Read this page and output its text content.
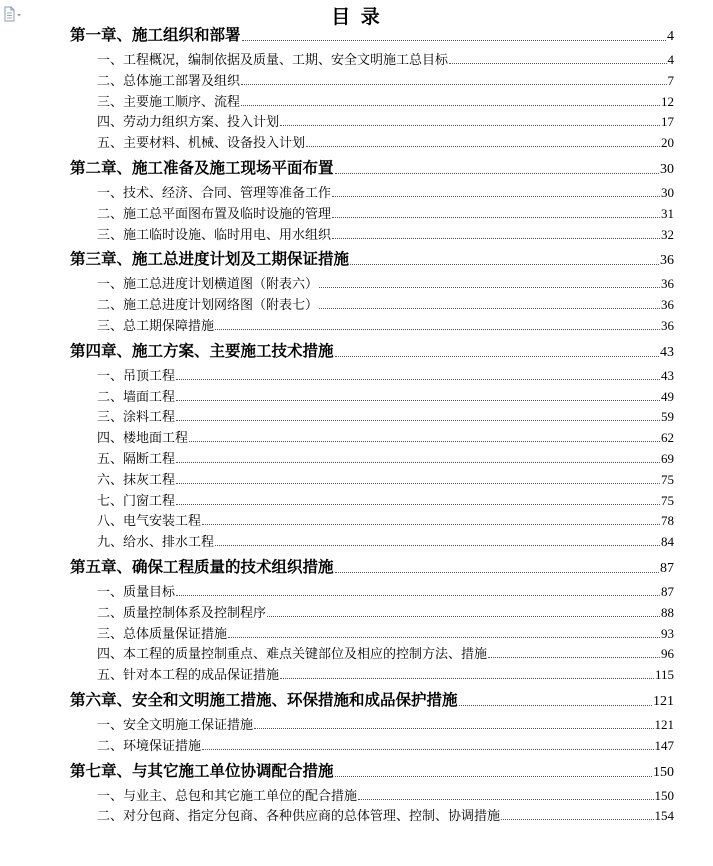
目 录
第一章、施工组织和部署	4
一、工程概况，编制依据及质量、工期、安全文明施工总目标	4
二、总体施工部署及组织	7
三、主要施工顺序、流程	12
四、劳动力组织方案、投入计划	17
五、主要材料、机械、设备投入计划	20
第二章、施工准备及施工现场平面布置	30
一、技术、经济、合同、管理等准备工作	30
二、施工总平面图布置及临时设施的管理	31
三、施工临时设施、临时用电、用水组织	32
第三章、施工总进度计划及工期保证措施	36
一、施工总进度计划横道图（附表六）	36
二、施工总进度计划网络图（附表七）	36
三、总工期保障措施	36
第四章、施工方案、主要施工技术措施	43
一、吊顶工程	43
二、墙面工程	49
三、涂料工程	59
四、楼地面工程	62
五、隔断工程	69
六、抹灰工程	75
七、门窗工程	75
八、电气安装工程	78
九、给水、排水工程	84
第五章、确保工程质量的技术组织措施	87
一、质量目标	87
二、质量控制体系及控制程序	88
三、总体质量保证措施	93
四、本工程的质量控制重点、难点关键部位及相应的控制方法、措施	96
五、针对本工程的成品保证措施	115
第六章、安全和文明施工措施、环保措施和成品保护措施	121
一、安全文明施工保证措施	121
二、环境保证措施	147
第七章、与其它施工单位协调配合措施	150
一、与业主、总包和其它施工单位的配合措施	150
二、对分包商、指定分包商、各种供应商的总体管理、控制、协调措施	154
